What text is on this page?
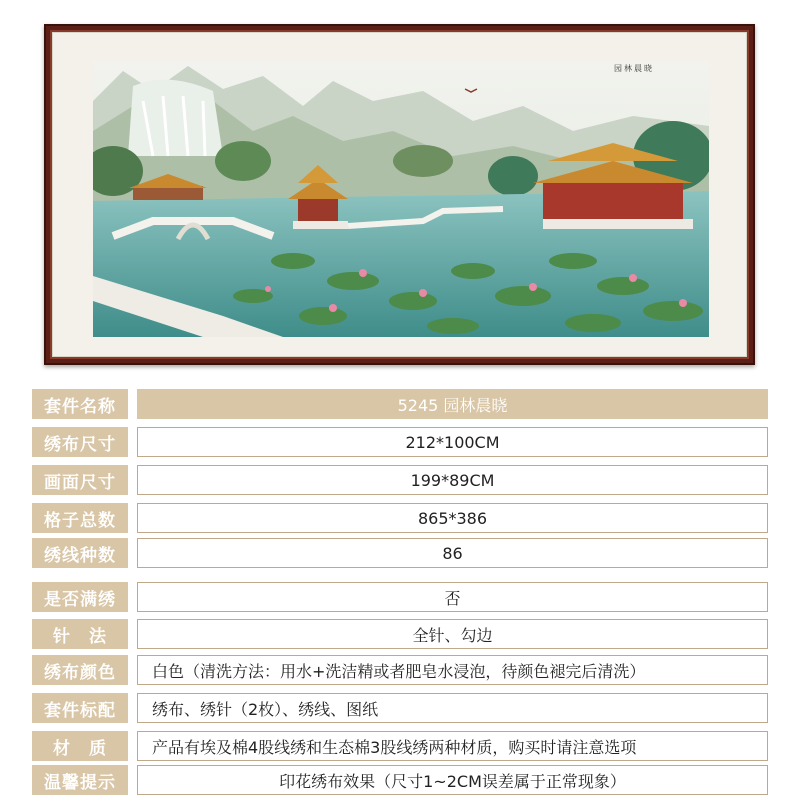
园林晨晓
套件名称	5245 园林晨晓
绣布尺寸	212*100CM
画面尺寸	199*89CM
格子总数	865*386
绣线种数	86
是否满绣	否
针　法	全针、勾边
绣布颜色	白色（清洗方法：用水+洗洁精或者肥皂水浸泡，待颜色褪完后清洗）
套件标配	绣布、绣针（2枚）、绣线、图纸
材　质	产品有埃及棉4股线绣和生态棉3股线绣两种材质，购买时请注意选项
温馨提示	印花绣布效果（尺寸1~2CM误差属于正常现象）
